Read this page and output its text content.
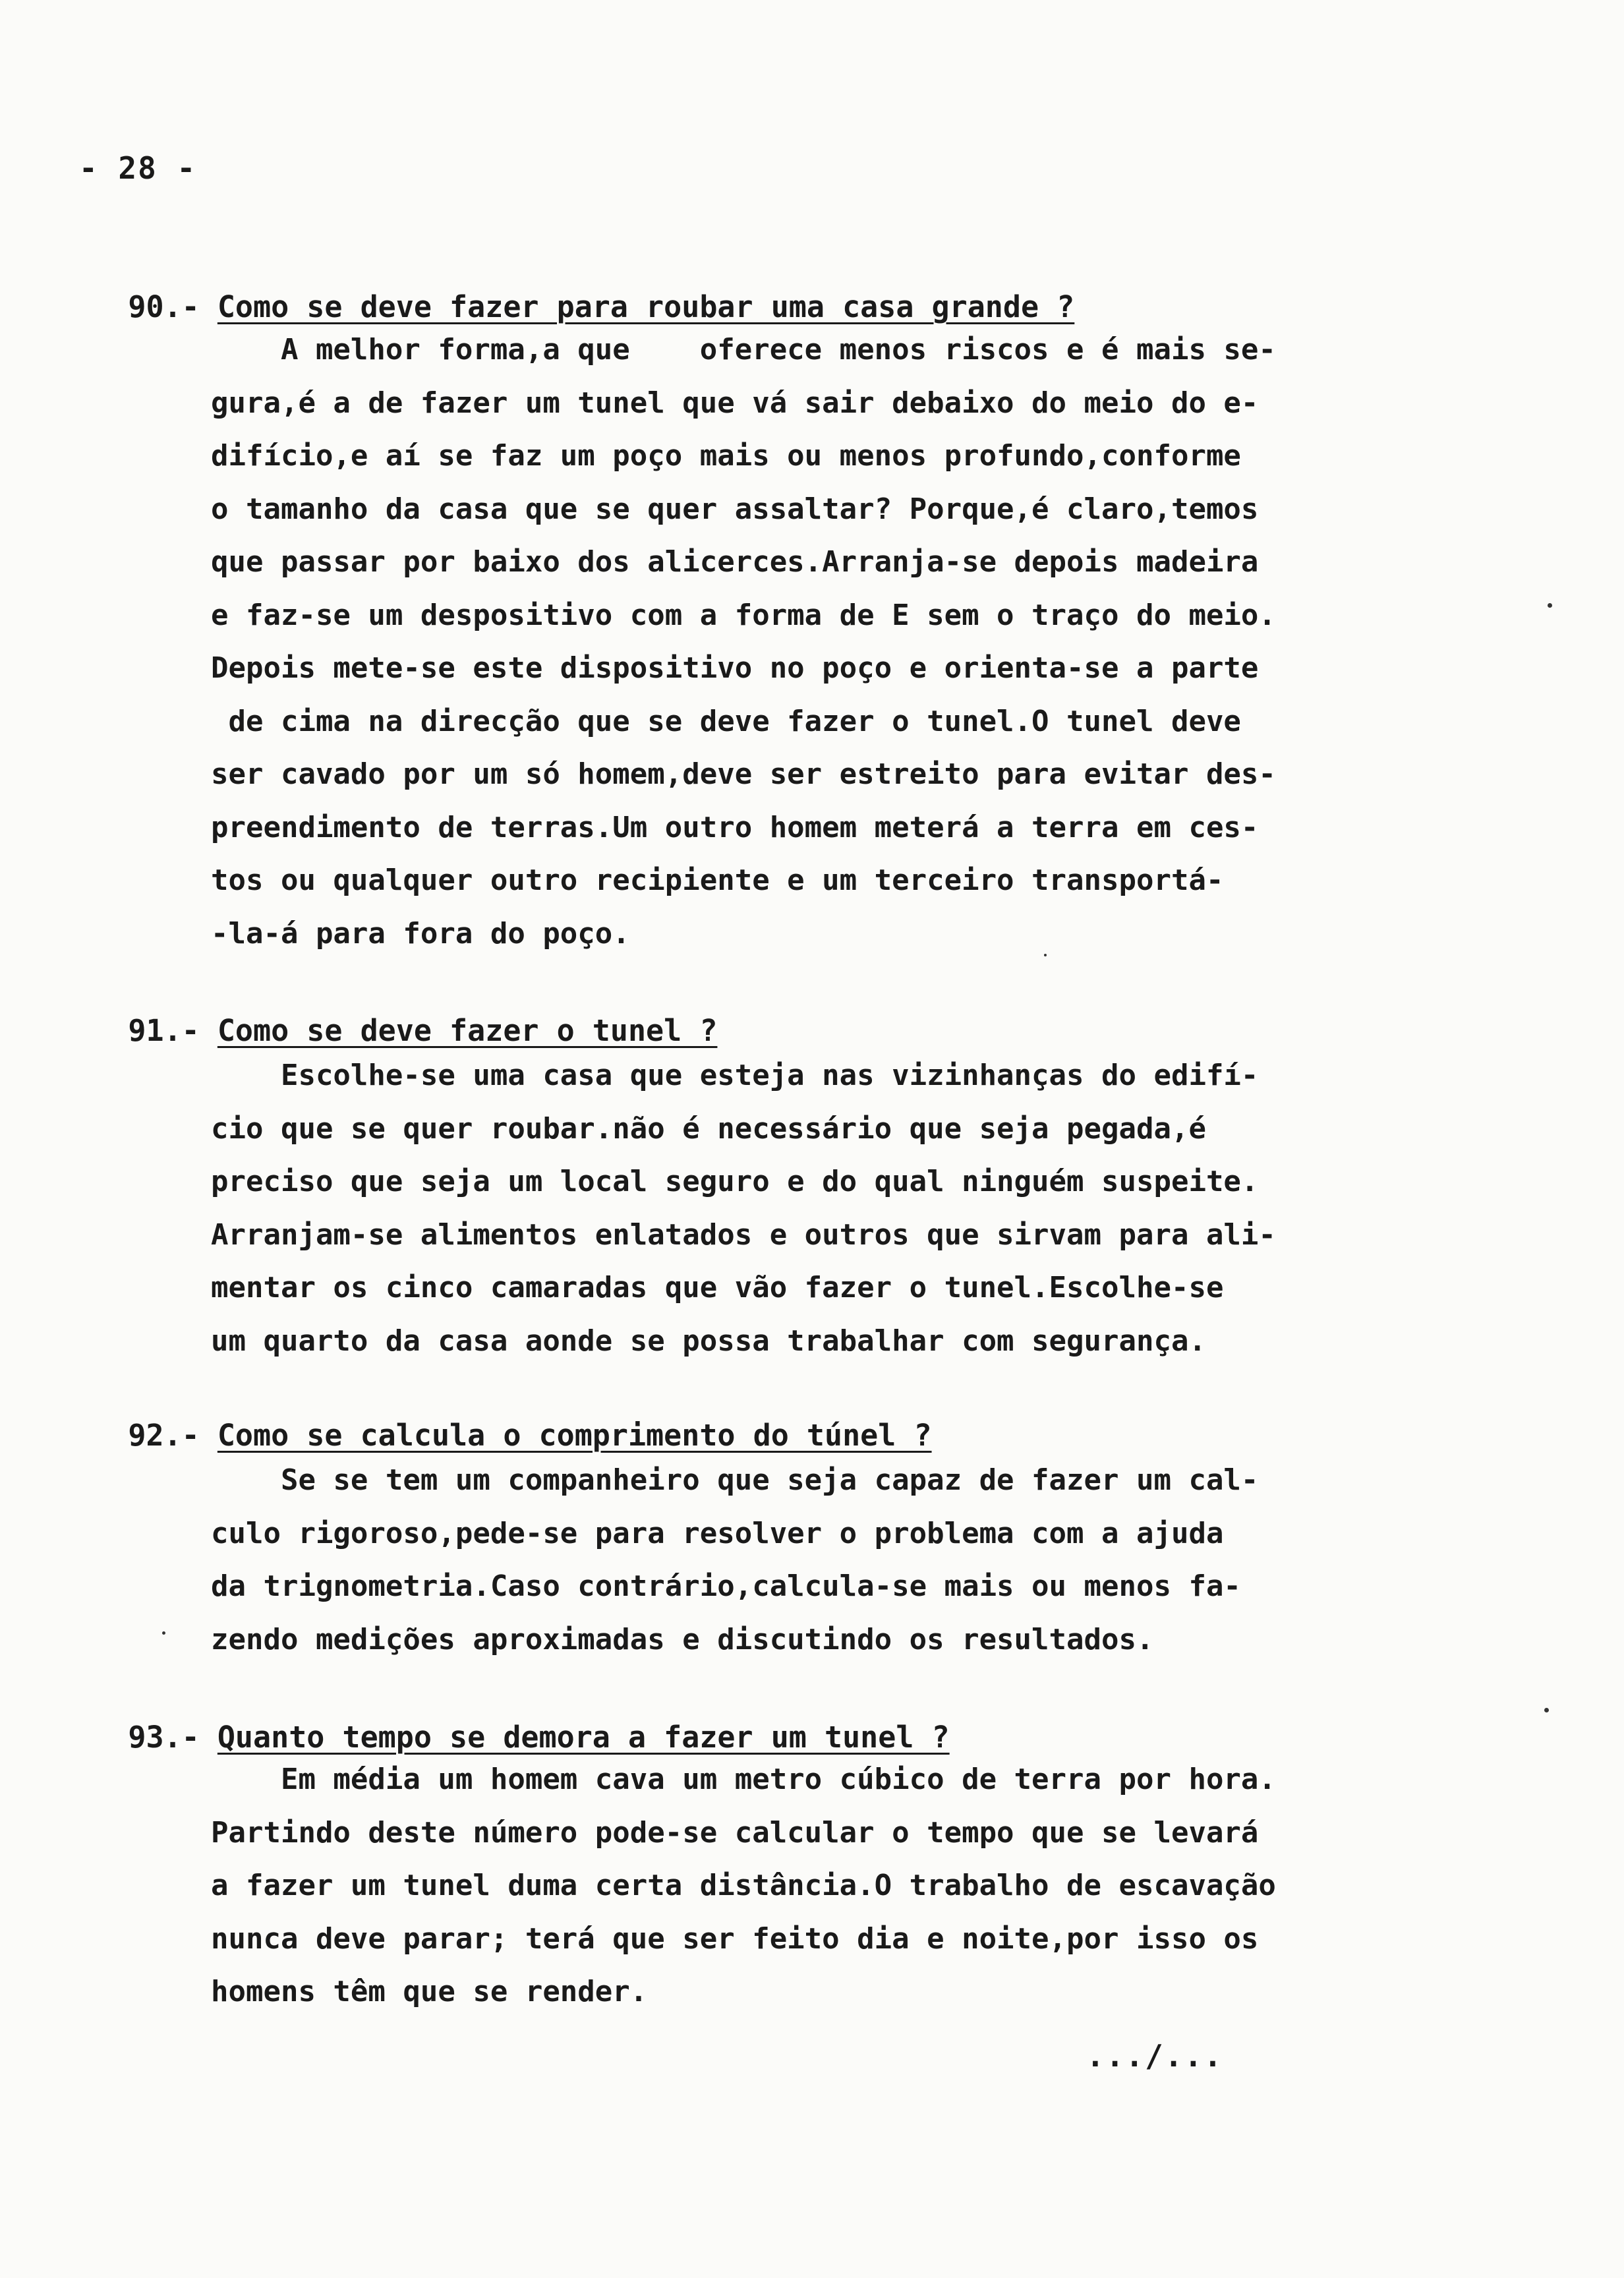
- 28 -

90.- Como se deve fazer para roubar uma casa grande ?

A melhor forma,a que    oferece menos riscos e é mais se-
gura,é a de fazer um tunel que vá sair debaixo do meio do e-
difício,e aí se faz um poço mais ou menos profundo,conforme
o tamanho da casa que se quer assaltar? Porque,é claro,temos
que passar por baixo dos alicerces.Arranja-se depois madeira
e faz-se um despositivo com a forma de E sem o traço do meio.
Depois mete-se este dispositivo no poço e orienta-se a parte
de cima na direcção que se deve fazer o tunel.O tunel deve
ser cavado por um só homem,deve ser estreito para evitar des-
preendimento de terras.Um outro homem meterá a terra em ces-
tos ou qualquer outro recipiente e um terceiro transportá-
-la-á para fora do poço.

91.- Como se deve fazer o tunel ?

Escolhe-se uma casa que esteja nas vizinhanças do edifí-
cio que se quer roubar.não é necessário que seja pegada,é
preciso que seja um local seguro e do qual ninguém suspeite.
Arranjam-se alimentos enlatados e outros que sirvam para ali-
mentar os cinco camaradas que vão fazer o tunel.Escolhe-se
um quarto da casa aonde se possa trabalhar com segurança.

92.- Como se calcula o comprimento do túnel ?

Se se tem um companheiro que seja capaz de fazer um cal-
culo rigoroso,pede-se para resolver o problema com a ajuda
da trignometria.Caso contrário,calcula-se mais ou menos fa-
zendo medições aproximadas e discutindo os resultados.

93.- Quanto tempo se demora a fazer um tunel ?

Em média um homem cava um metro cúbico de terra por hora.
Partindo deste número pode-se calcular o tempo que se levará
a fazer um tunel duma certa distância.O trabalho de escavação
nunca deve parar; terá que ser feito dia e noite,por isso os
homens têm que se render.
.../...
